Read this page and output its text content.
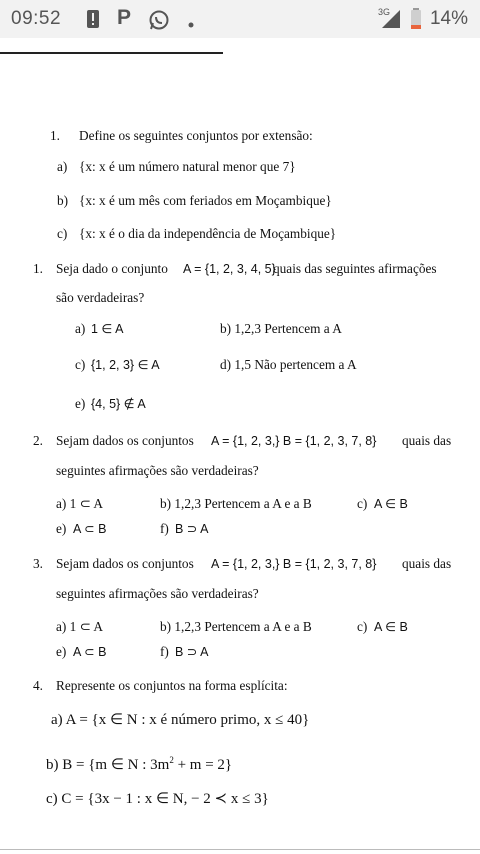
09:52	P	3G 14%
1. Define os seguintes conjuntos por extensão:
a) {x: x é um número natural menor que 7}
b) {x: x é um mês com feriados em Moçambique}
c) {x: x é o dia da independência de Moçambique}
1. Seja dado o conjunto A = {1, 2, 3, 4, 5}
quais das seguintes afirmações
são verdadeiras?
a) 1 ∈ A	b) 1,2,3 Pertencem a A
c) {1, 2, 3} ∈ A	d) 1,5 Não pertencem a A
e) {4, 5} ∉ A
2. Sejam dados os conjuntos A = {1, 2, 3,} B = {1, 2, 3, 7, 8} quais das
seguintes afirmações são verdadeiras?
a) 1 ⊂ A	b) 1,2,3 Pertencem a A e a B	c) A ∈ B
e) A ⊂ B	f) B ⊃ A
3. Sejam dados os conjuntos A = {1, 2, 3,} B = {1, 2, 3, 7, 8} quais das
seguintes afirmações são verdadeiras?
a) 1 ⊂ A	b) 1,2,3 Pertencem a A e a B	c) A ∈ B
e) A ⊂ B	f) B ⊃ A
4. Represente os conjuntos na forma esplícita:
a) A = {x ∈ N : x é número primo, x ≤ 40}
b) B = {m ∈ N : $3m^2 + m = 2$}
c) C = {3x − 1 : x ∈ N, − 2 ≺ x ≤ 3}
